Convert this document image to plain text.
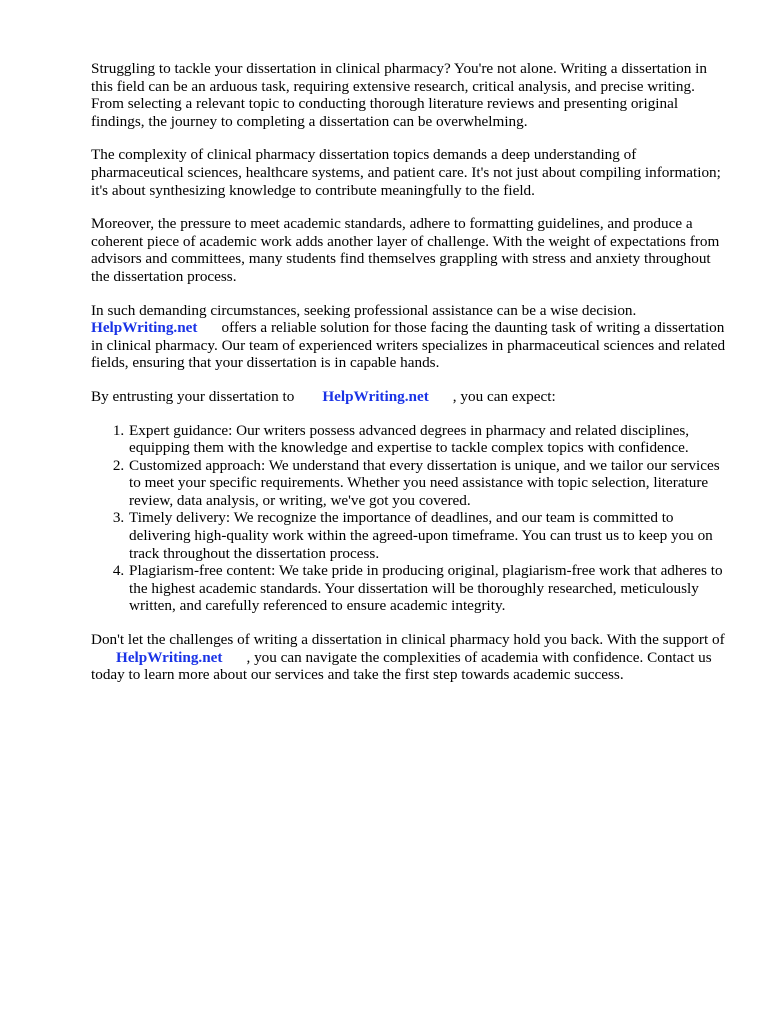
Struggling to tackle your dissertation in clinical pharmacy? You're not alone. Writing a dissertation in this field can be an arduous task, requiring extensive research, critical analysis, and precise writing. From selecting a relevant topic to conducting thorough literature reviews and presenting original findings, the journey to completing a dissertation can be overwhelming.

The complexity of clinical pharmacy dissertation topics demands a deep understanding of pharmaceutical sciences, healthcare systems, and patient care. It's not just about compiling information; it's about synthesizing knowledge to contribute meaningfully to the field.

Moreover, the pressure to meet academic standards, adhere to formatting guidelines, and produce a coherent piece of academic work adds another layer of challenge. With the weight of expectations from advisors and committees, many students find themselves grappling with stress and anxiety throughout the dissertation process.

In such demanding circumstances, seeking professional assistance can be a wise decision.
HelpWriting.net offers a reliable solution for those facing the daunting task of writing a dissertation in clinical pharmacy. Our team of experienced writers specializes in pharmaceutical sciences and related fields, ensuring that your dissertation is in capable hands.

By entrusting your dissertation to HelpWriting.net , you can expect:

1. Expert guidance: Our writers possess advanced degrees in pharmacy and related disciplines, equipping them with the knowledge and expertise to tackle complex topics with confidence.
2. Customized approach: We understand that every dissertation is unique, and we tailor our services to meet your specific requirements. Whether you need assistance with topic selection, literature review, data analysis, or writing, we've got you covered.
3. Timely delivery: We recognize the importance of deadlines, and our team is committed to delivering high-quality work within the agreed-upon timeframe. You can trust us to keep you on track throughout the dissertation process.
4. Plagiarism-free content: We take pride in producing original, plagiarism-free work that adheres to the highest academic standards. Your dissertation will be thoroughly researched, meticulously written, and carefully referenced to ensure academic integrity.

Don't let the challenges of writing a dissertation in clinical pharmacy hold you back. With the support ofHelpWriting.net , you can navigate the complexities of academia with confidence. Contact us today to learn more about our services and take the first step towards academic success.
